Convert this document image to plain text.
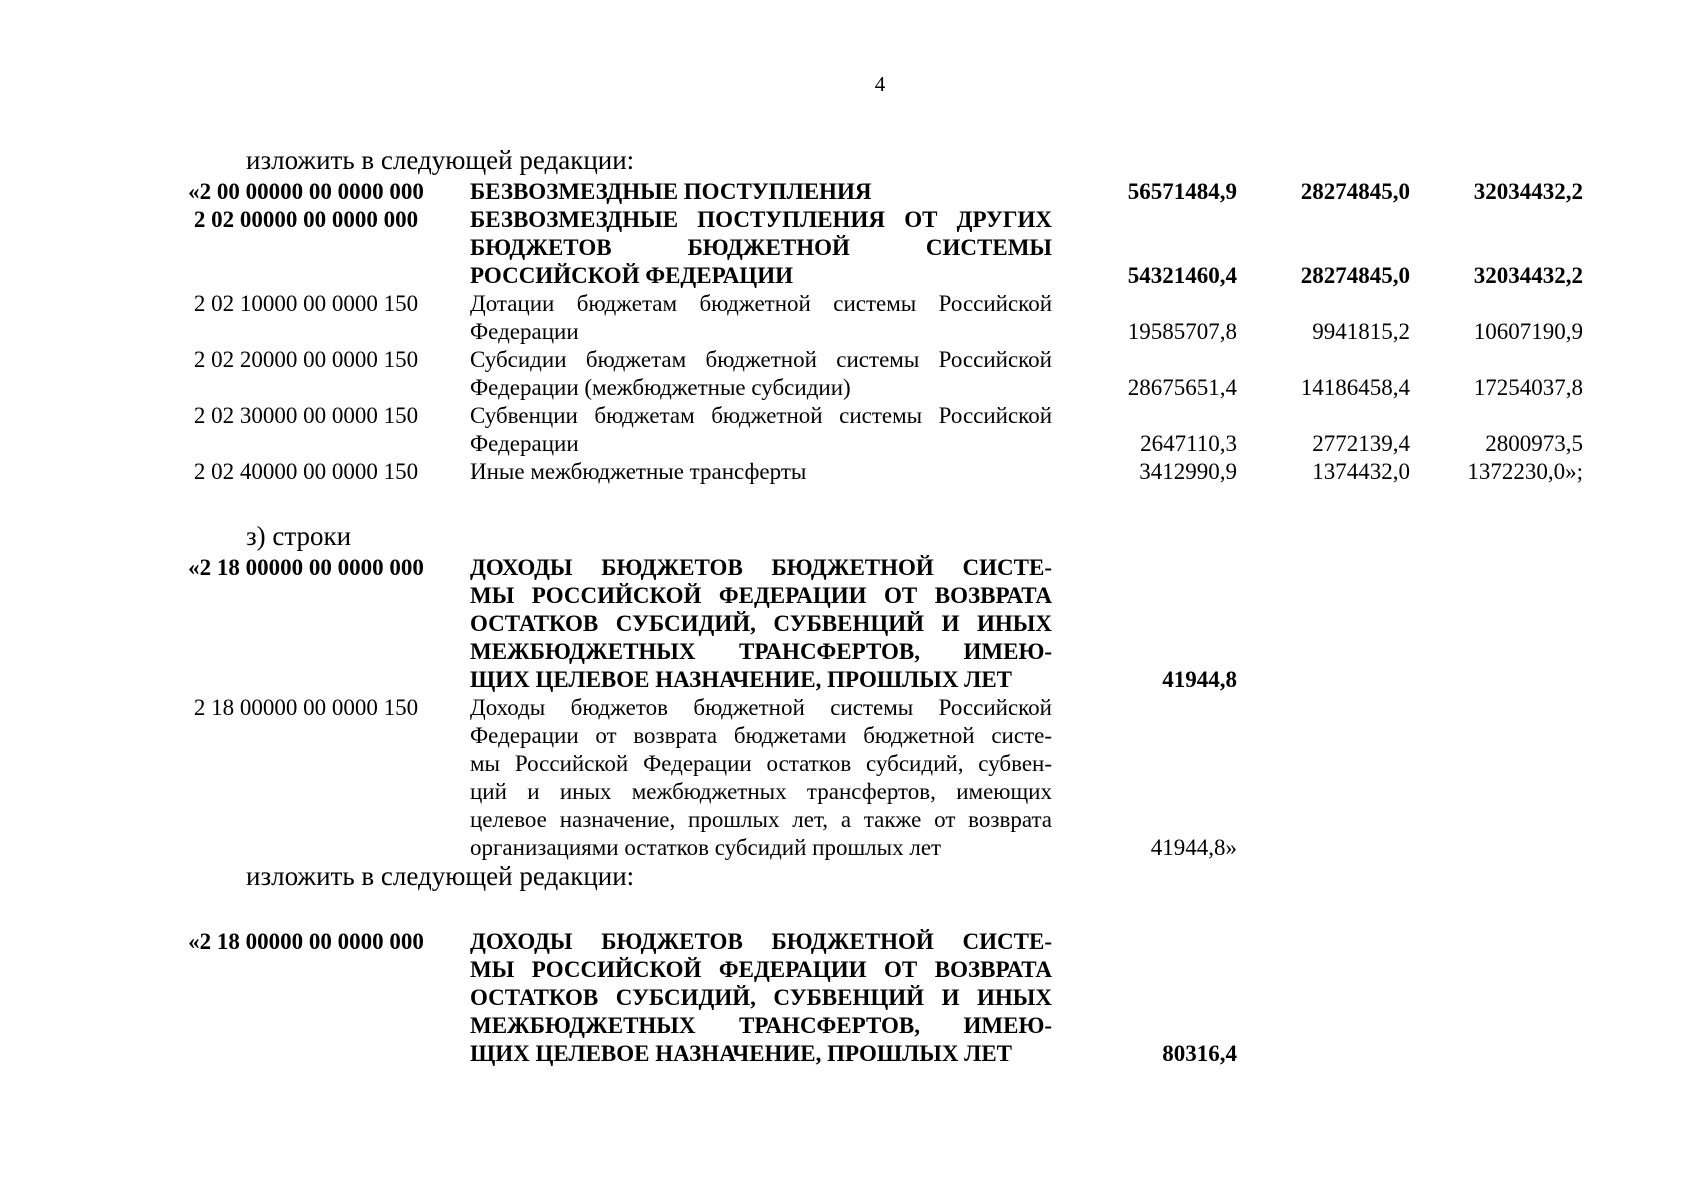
4
изложить в следующей редакции:
«2 00 00000 00 0000 000	БЕЗВОЗМЕЗДНЫЕ ПОСТУПЛЕНИЯ	56571484,9	28274845,0	32034432,2
2 02 00000 00 0000 000	БЕЗВОЗМЕЗДНЫЕ ПОСТУПЛЕНИЯ ОТ ДРУГИХ
БЮДЖЕТОВ БЮДЖЕТНОЙ СИСТЕМЫ
РОССИЙСКОЙ ФЕДЕРАЦИИ	54321460,4	28274845,0	32034432,2
2 02 10000 00 0000 150	Дотации бюджетам бюджетной системы Российской
Федерации	19585707,8	9941815,2	10607190,9
2 02 20000 00 0000 150	Субсидии бюджетам бюджетной системы Российской
Федерации (межбюджетные субсидии)	28675651,4	14186458,4	17254037,8
2 02 30000 00 0000 150	Субвенции бюджетам бюджетной системы Российской
Федерации	2647110,3	2772139,4	2800973,5
2 02 40000 00 0000 150	Иные межбюджетные трансферты	3412990,9	1374432,0 1372230,0»;
з) строки
«2 18 00000 00 0000 000	ДОХОДЫ БЮДЖЕТОВ БЮДЖЕТНОЙ СИСТЕ-
МЫ РОССИЙСКОЙ ФЕДЕРАЦИИ ОТ ВОЗВРАТА
ОСТАТКОВ СУБСИДИЙ, СУБВЕНЦИЙ И ИНЫХ
МЕЖБЮДЖЕТНЫХ ТРАНСФЕРТОВ, ИМЕЮ-
ЩИХ ЦЕЛЕВОЕ НАЗНАЧЕНИЕ, ПРОШЛЫХ ЛЕТ	41944,8
2 18 00000 00 0000 150	Доходы бюджетов бюджетной системы Российской
Федерации от возврата бюджетами бюджетной систе-
мы Российской Федерации остатков субсидий, субвен-
ций и иных межбюджетных трансфертов, имеющих
целевое назначение, прошлых лет, а также от возврата
организациями остатков субсидий прошлых лет	41944,8»
изложить в следующей редакции:
«2 18 00000 00 0000 000	ДОХОДЫ БЮДЖЕТОВ БЮДЖЕТНОЙ СИСТЕ-
МЫ РОССИЙСКОЙ ФЕДЕРАЦИИ ОТ ВОЗВРАТА
ОСТАТКОВ СУБСИДИЙ, СУБВЕНЦИЙ И ИНЫХ
МЕЖБЮДЖЕТНЫХ ТРАНСФЕРТОВ, ИМЕЮ-
ЩИХ ЦЕЛЕВОЕ НАЗНАЧЕНИЕ, ПРОШЛЫХ ЛЕТ	80316,4
